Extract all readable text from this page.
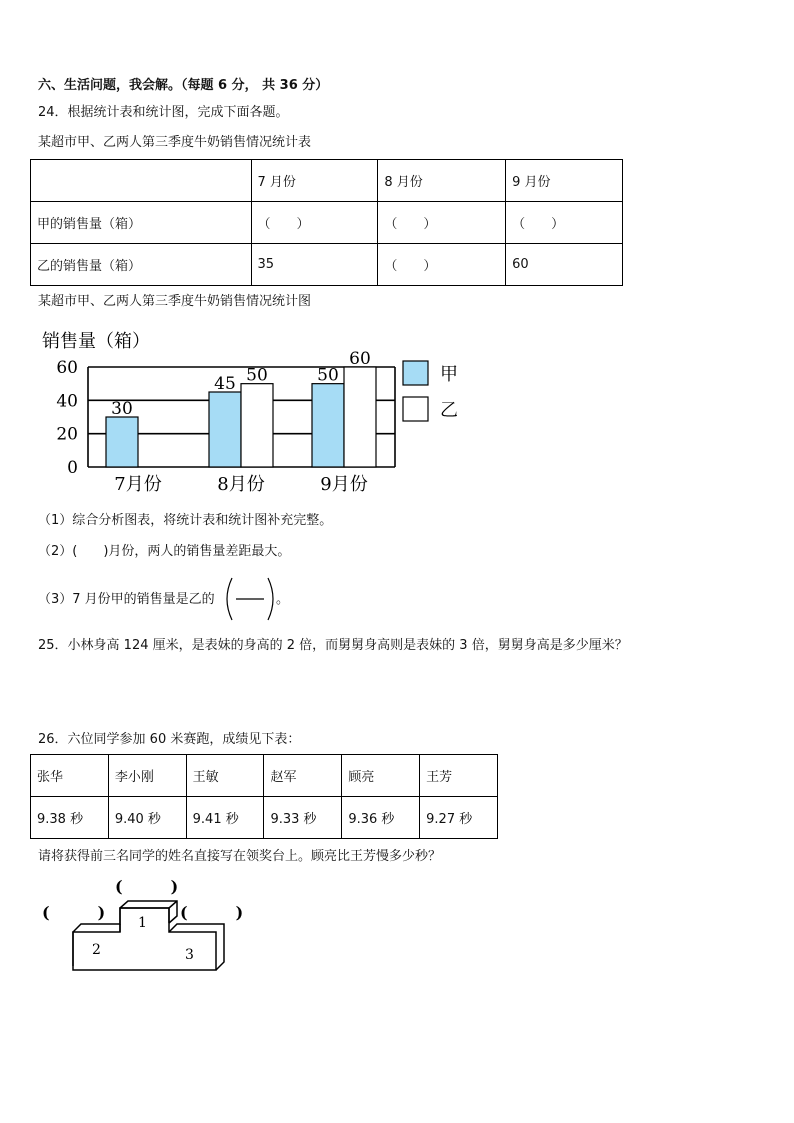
六、生活问题，我会解。（每题 6 分， 共 36 分）
24．根据统计表和统计图，完成下面各题。
某超市甲、乙两人第三季度牛奶销售情况统计表
	7 月份	8 月份	9 月份
甲的销售量（箱）	（　　）	（　　）	（　　）
乙的销售量（箱）	35	（　　）	60
某超市甲、乙两人第三季度牛奶销售情况统计图
销售量（箱）
0
20
40
60
30
45	50
50
60
7月份	8月份	9月份
甲
乙
（1）综合分析图表，将统计表和统计图补充完整。
（2）(　　)月份，两人的销售量差距最大。
（3）7 月份甲的销售量是乙的	。
25．小林身高 124 厘米，是表妹的身高的 2 倍，而舅舅身高则是表妹的 3 倍，舅舅身高是多少厘米？
26．六位同学参加 60 米赛跑，成绩见下表：
张华	李小刚	王敏	赵军	顾亮	王芳
9.38 秒	9.40 秒	9.41 秒	9.33 秒	9.36 秒	9.27 秒
请将获得前三名同学的姓名直接写在领奖台上。顾亮比王芳慢多少秒？
1
2	3
(　　　)
(　　　)	(　　　)
